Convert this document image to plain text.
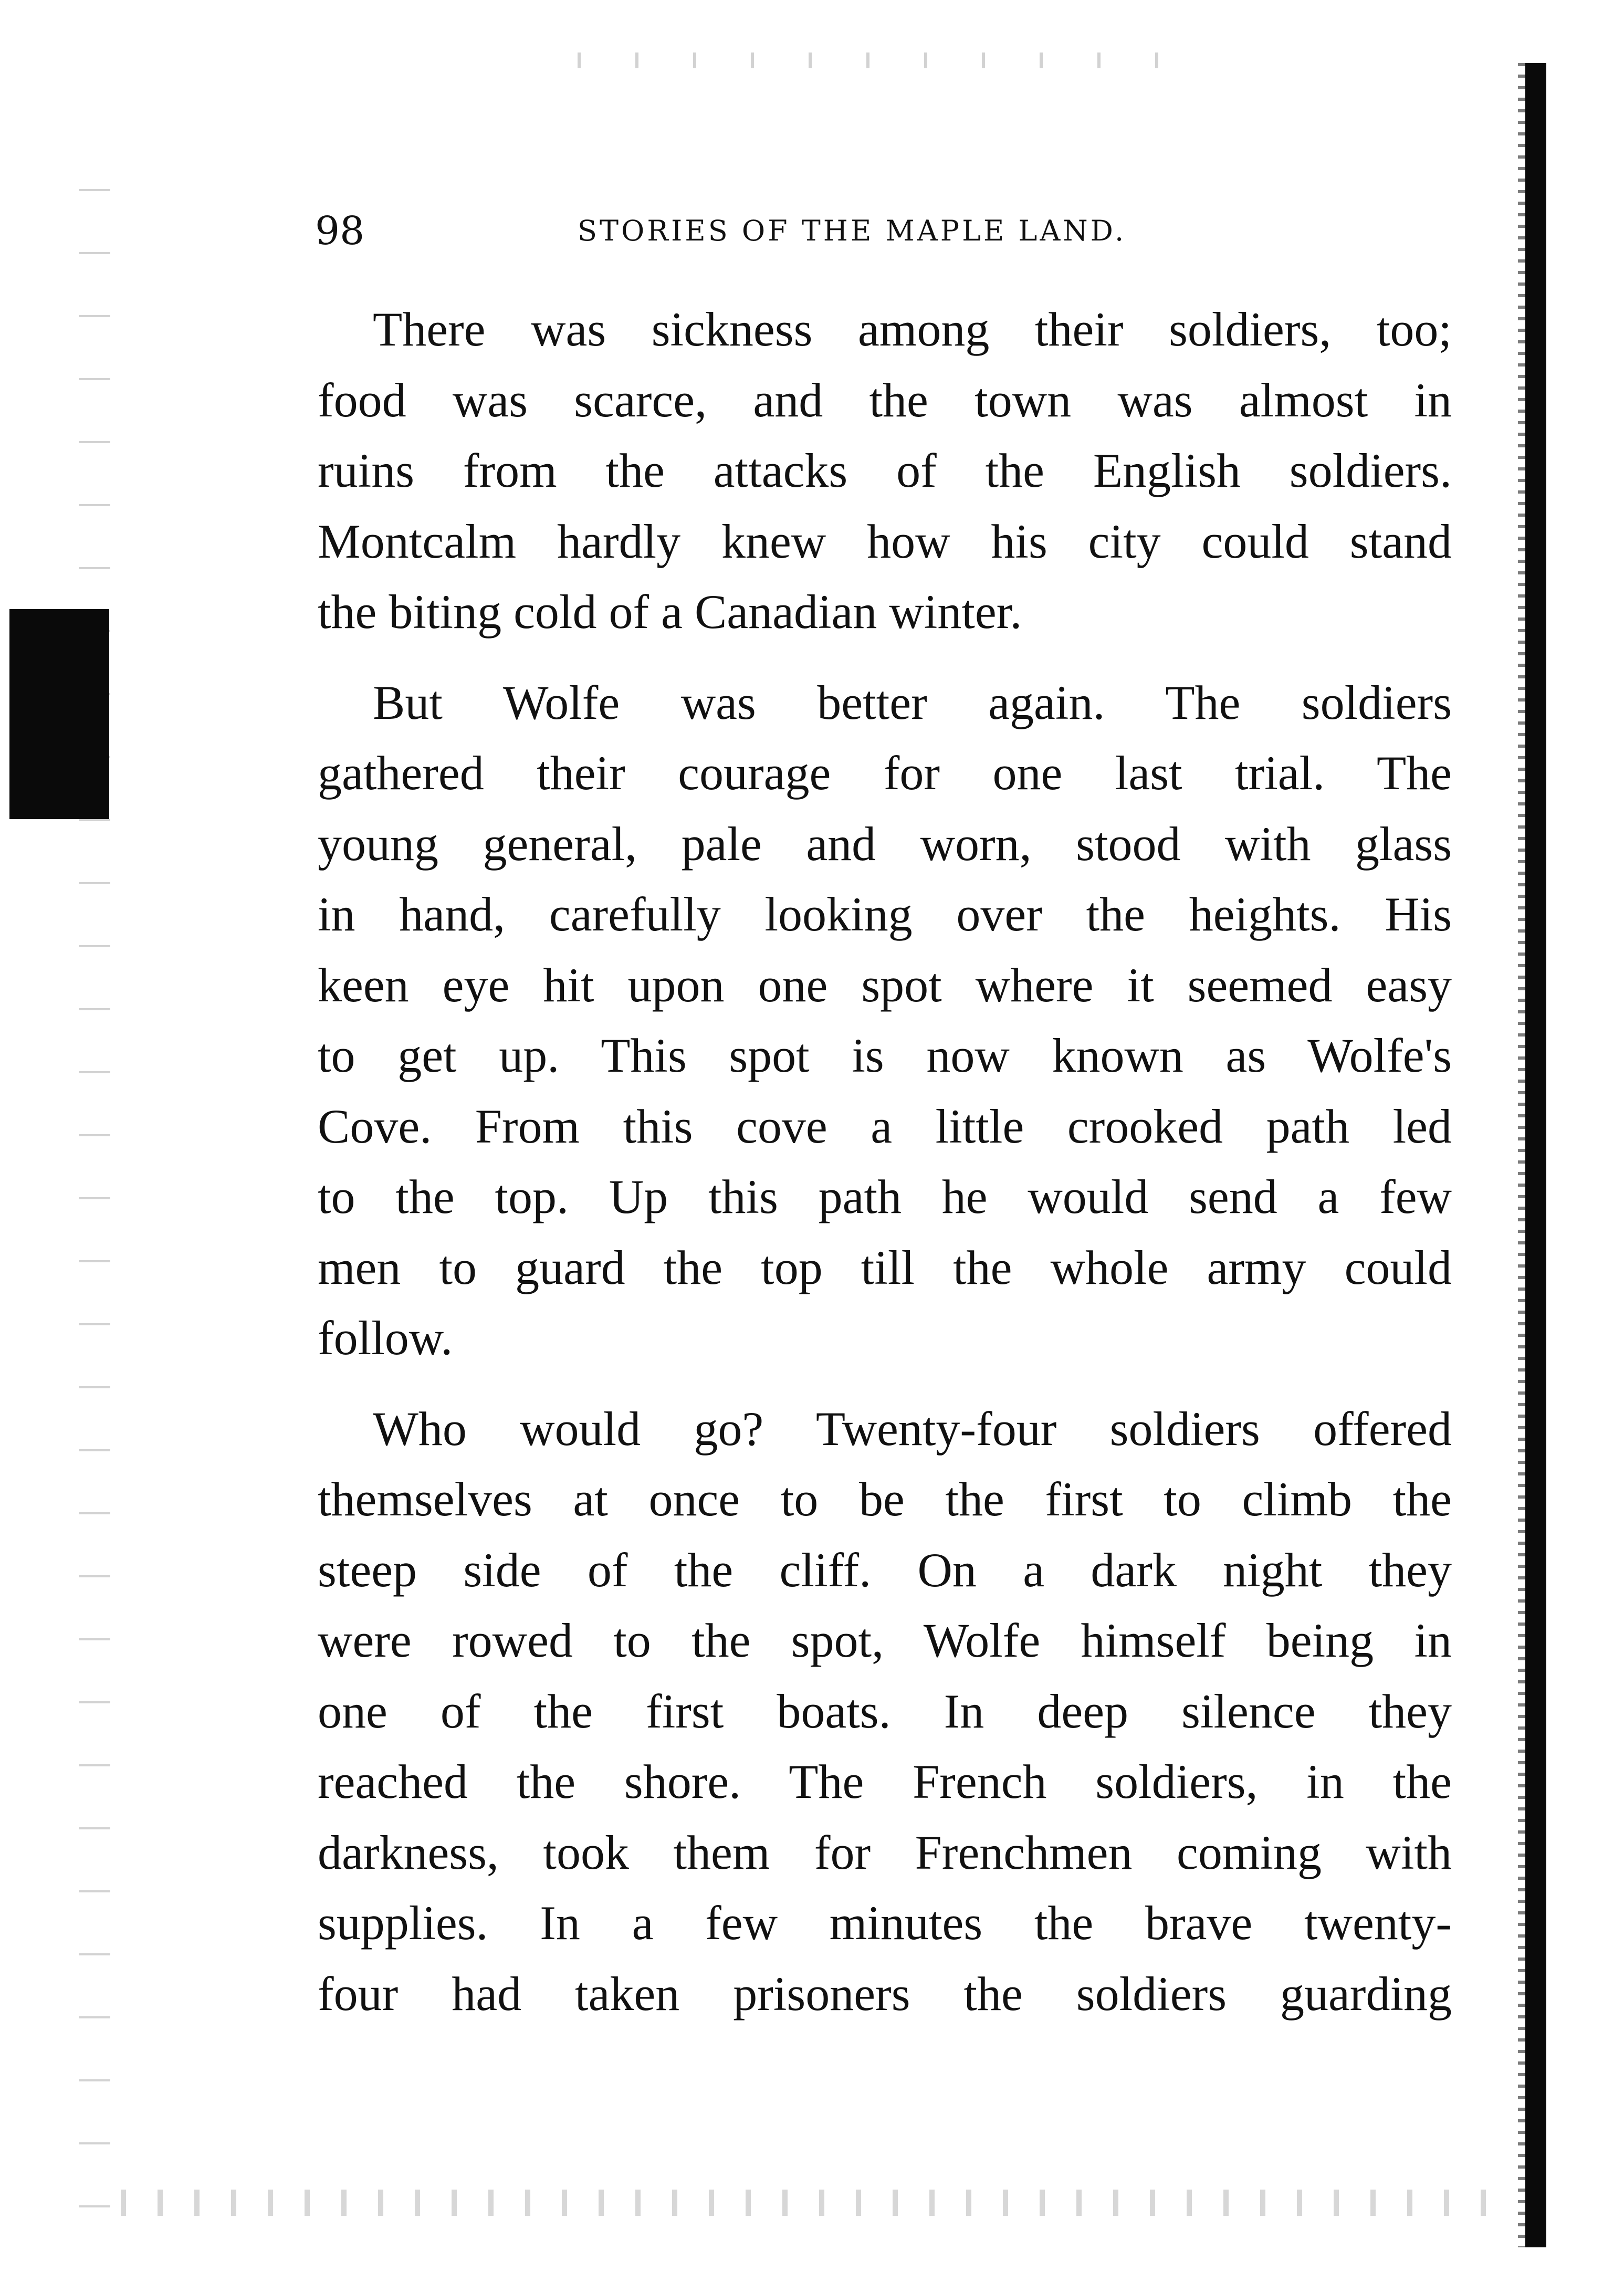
98	STORIES OF THE MAPLE LAND.

There was sickness among their soldiers, too;
food was scarce, and the town was almost in
ruins from the attacks of the English soldiers.
Montcalm hardly knew how his city could stand
the biting cold of a Canadian winter.

But Wolfe was better again. The soldiers
gathered their courage for one last trial. The
young general, pale and worn, stood with glass
in hand, carefully looking over the heights. His
keen eye hit upon one spot where it seemed easy
to get up. This spot is now known as Wolfe's
Cove. From this cove a little crooked path led
to the top. Up this path he would send a few
men to guard the top till the whole army could
follow.

Who would go? Twenty-four soldiers offered
themselves at once to be the first to climb the
steep side of the cliff. On a dark night they
were rowed to the spot, Wolfe himself being in
one of the first boats. In deep silence they
reached the shore. The French soldiers, in the
darkness, took them for Frenchmen coming with
supplies. In a few minutes the brave twenty-
four had taken prisoners the soldiers guarding
